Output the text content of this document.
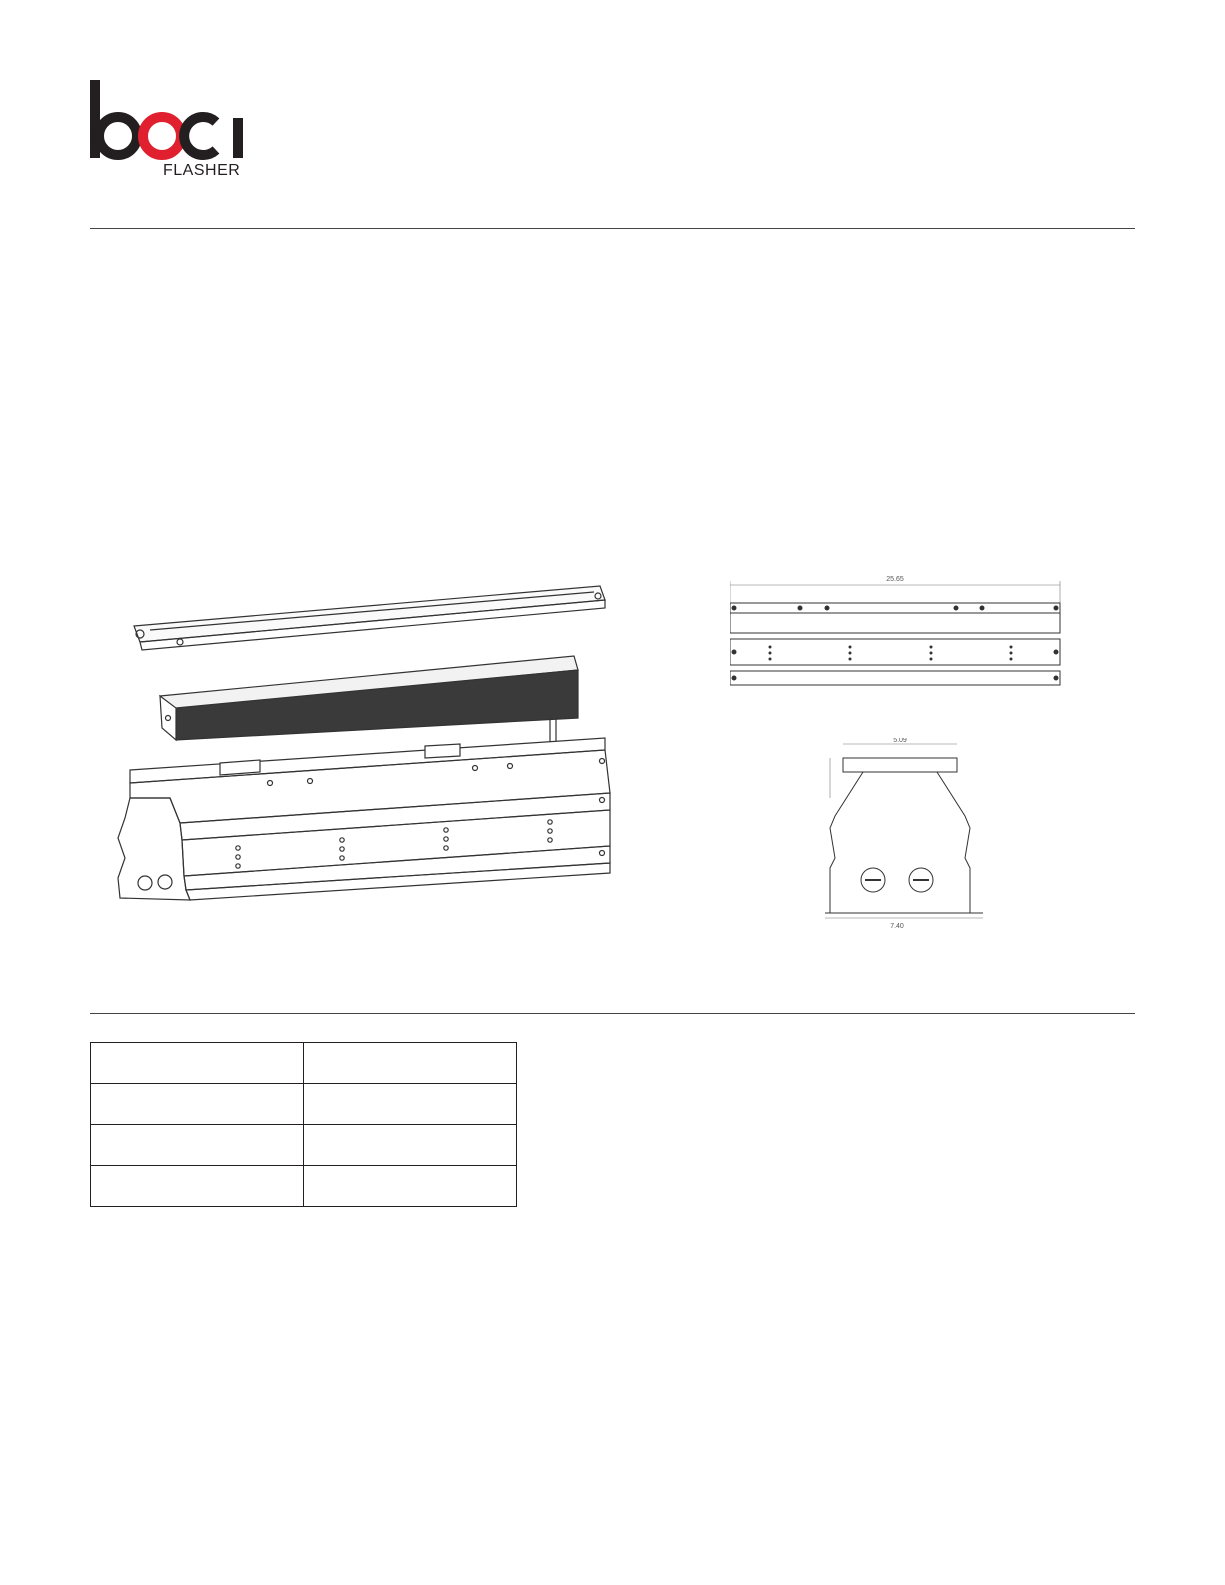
FLASHER
25.65
5.09
7.40
